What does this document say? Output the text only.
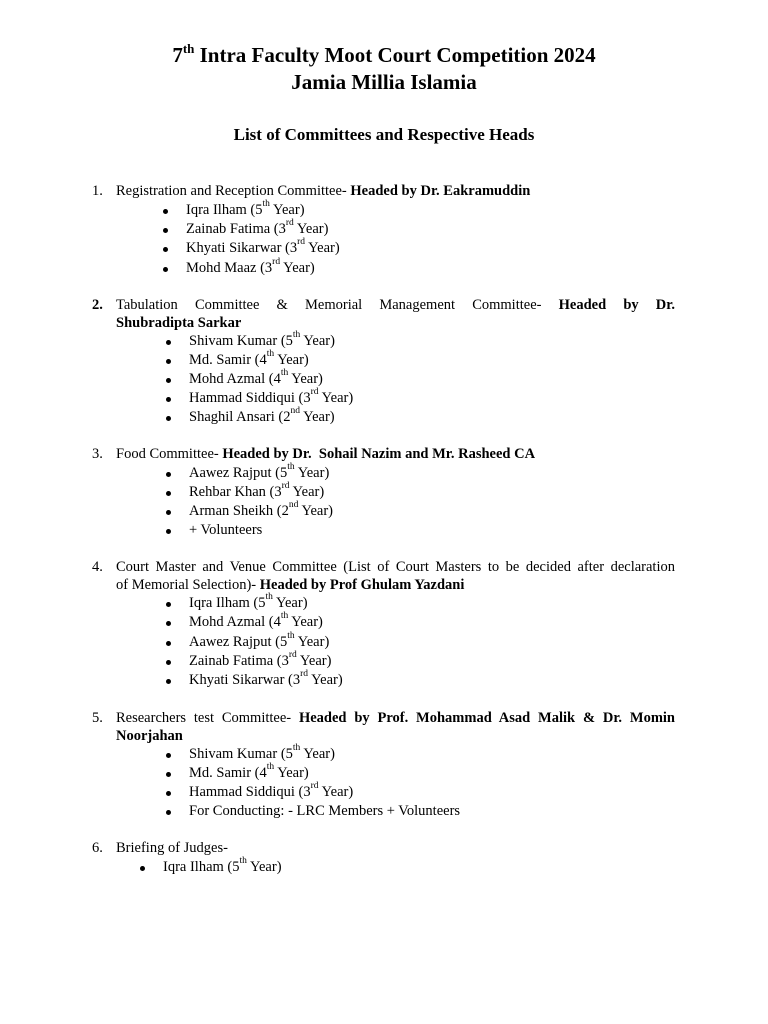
7th Intra Faculty Moot Court Competition 2024
Jamia Millia Islamia
List of Committees and Respective Heads
1. Registration and Reception Committee- Headed by Dr. Eakramuddin
Iqra Ilham (5th Year)
Zainab Fatima (3rd Year)
Khyati Sikarwar (3rd Year)
Mohd Maaz (3rd Year)
2. Tabulation Committee & Memorial Management Committee- Headed by Dr.
Shubradipta Sarkar
Shivam Kumar (5th Year)
Md. Samir (4th Year)
Mohd Azmal (4th Year)
Hammad Siddiqui (3rd Year)
Shaghil Ansari (2nd Year)
3. Food Committee- Headed by Dr.  Sohail Nazim and Mr. Rasheed CA
Aawez Rajput (5th Year)
Rehbar Khan (3rd Year)
Arman Sheikh (2nd Year)
+ Volunteers
4. Court Master and Venue Committee (List of Court Masters to be decided after declaration
of Memorial Selection)- Headed by Prof Ghulam Yazdani
Iqra Ilham (5th Year)
Mohd Azmal (4th Year)
Aawez Rajput (5th Year)
Zainab Fatima (3rd Year)
Khyati Sikarwar (3rd Year)
5. Researchers test Committee- Headed by Prof. Mohammad Asad Malik & Dr. Momin
Noorjahan
Shivam Kumar (5th Year)
Md. Samir (4th Year)
Hammad Siddiqui (3rd Year)
For Conducting: - LRC Members + Volunteers
6. Briefing of Judges-
Iqra Ilham (5th Year)
